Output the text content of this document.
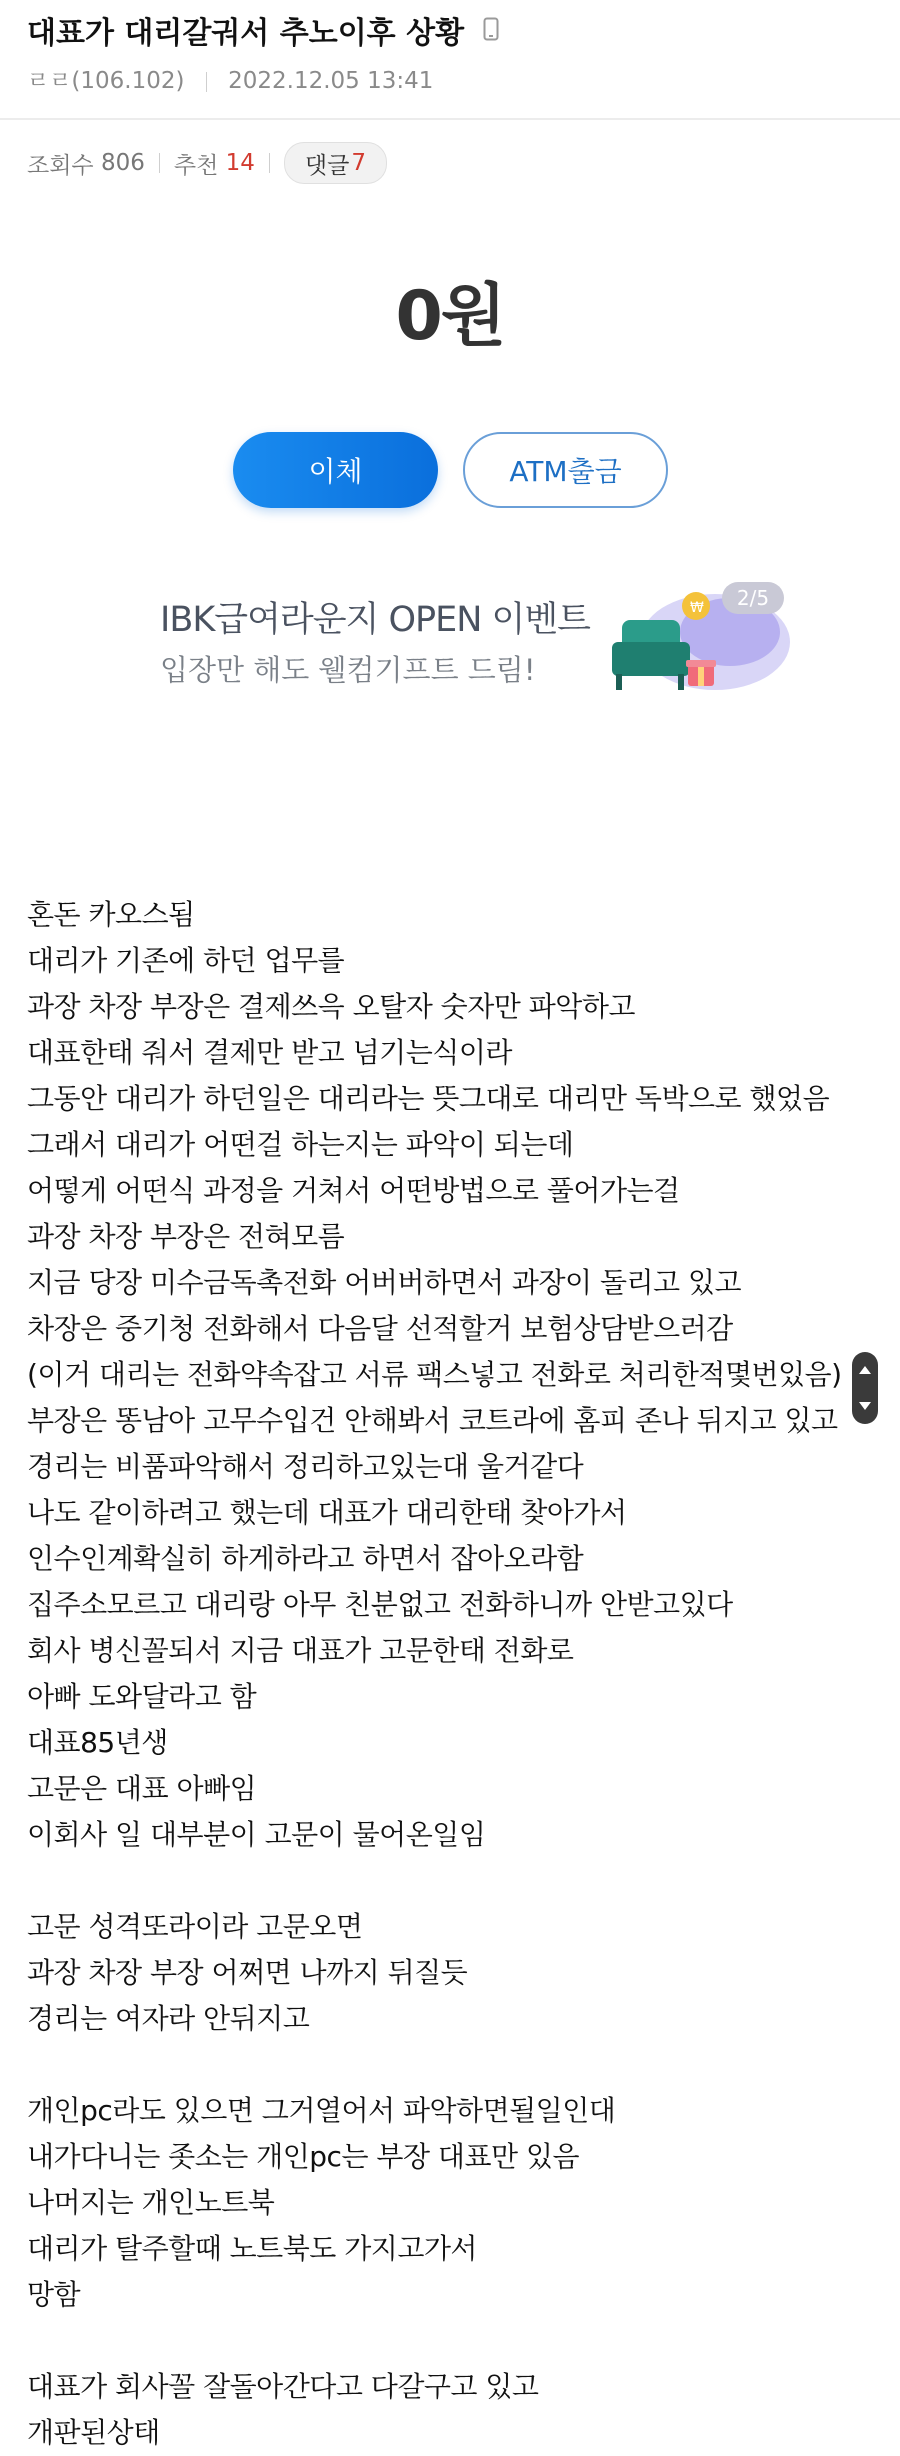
대표가 대리갈궈서 추노이후 상황
ㄹㄹ(106.102) 2022.12.05 13:41
조회수
806 추천
14 댓글 7
0원
이체	ATM출금
IBK급여라운지 OPEN 이벤트
입장만 해도 웰컴기프트 드림!
₩	2/5

혼돈 카오스됨

대리가 기존에 하던 업무를

과장 차장 부장은 결제쓰윽 오탈자 숫자만 파악하고

대표한태 줘서 결제만 받고 넘기는식이라

그동안 대리가 하던일은 대리라는 뜻그대로 대리만 독박으로 했었음

그래서 대리가 어떤걸 하는지는 파악이 되는데

어떻게 어떤식 과정을 거쳐서 어떤방법으로 풀어가는걸

과장 차장 부장은 전혀모름

지금 당장 미수금독촉전화 어버버하면서 과장이 돌리고 있고

차장은 중기청 전화해서 다음달 선적할거 보험상담받으러감

(이거 대리는 전화약속잡고 서류 팩스넣고 전화로 처리한적몇번있음)

부장은 똥남아 고무수입건 안해봐서 코트라에 홈피 존나 뒤지고 있고

경리는 비품파악해서 정리하고있는대 울거같다

나도 같이하려고 했는데 대표가 대리한태 찾아가서

인수인계확실히 하게하라고 하면서 잡아오라함

집주소모르고 대리랑 아무 친분없고 전화하니까 안받고있다

회사 병신꼴되서 지금 대표가 고문한태 전화로

아빠 도와달라고 함

대표85년생

고문은 대표 아빠임

이회사 일 대부분이 고문이 물어온일임

고문 성격또라이라 고문오면

과장 차장 부장 어쩌면 나까지 뒤질듯

경리는 여자라 안뒤지고

개인pc라도 있으면 그거열어서 파악하면될일인대

내가다니는 좃소는 개인pc는 부장 대표만 있음

나머지는 개인노트북

대리가 탈주할때 노트북도 가지고가서

망함

대표가 회사꼴 잘돌아간다고 다갈구고 있고

개판된상태
